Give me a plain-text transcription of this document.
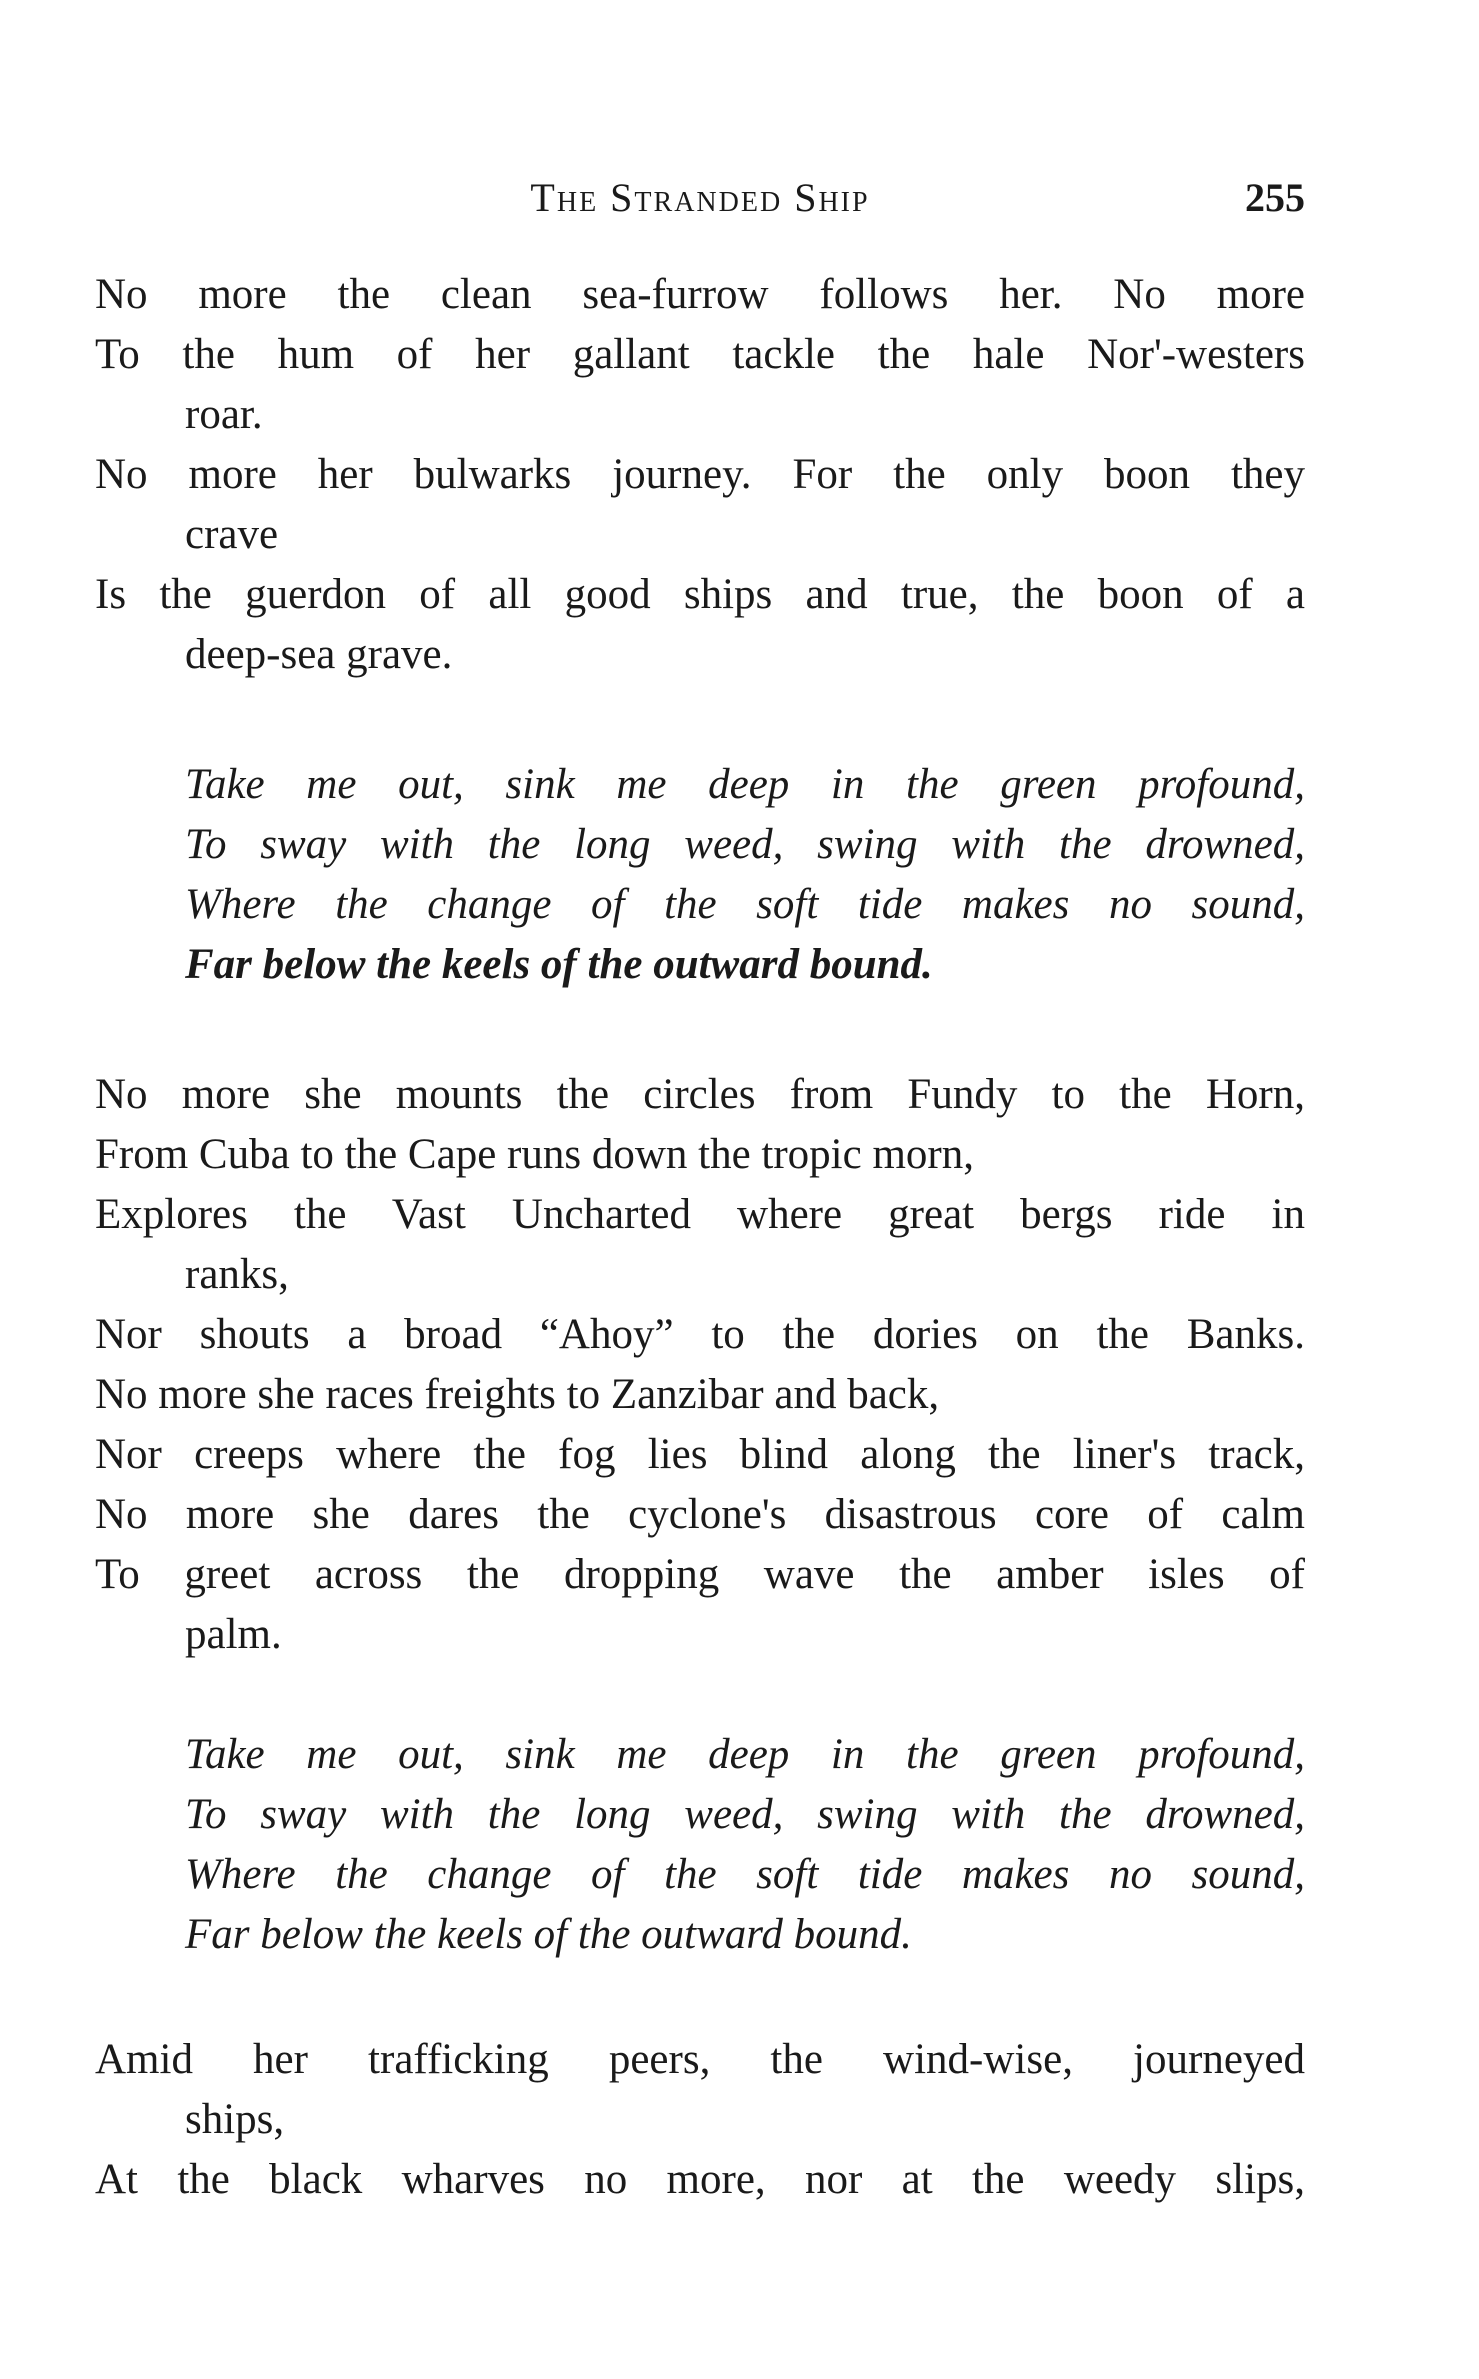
The Stranded Ship	255
No more the clean sea-furrow follows her. No more
To the hum of her gallant tackle the hale Nor'-westers
roar.
No more her bulwarks journey. For the only boon they
crave
Is the guerdon of all good ships and true, the boon of a
deep-sea grave.
Take me out, sink me deep in the green profound,
To sway with the long weed, swing with the drowned,
Where the change of the soft tide makes no sound,
Far below the keels of the outward bound.
No more she mounts the circles from Fundy to the Horn,
From Cuba to the Cape runs down the tropic morn,
Explores the Vast Uncharted where great bergs ride in
ranks,
Nor shouts a broad “Ahoy” to the dories on the Banks.
No more she races freights to Zanzibar and back,
Nor creeps where the fog lies blind along the liner's track,
No more she dares the cyclone's disastrous core of calm
To greet across the dropping wave the amber isles of
palm.
Take me out, sink me deep in the green profound,
To sway with the long weed, swing with the drowned,
Where the change of the soft tide makes no sound,
Far below the keels of the outward bound.
Amid her trafficking peers, the wind-wise, journeyed
ships,
At the black wharves no more, nor at the weedy slips,
